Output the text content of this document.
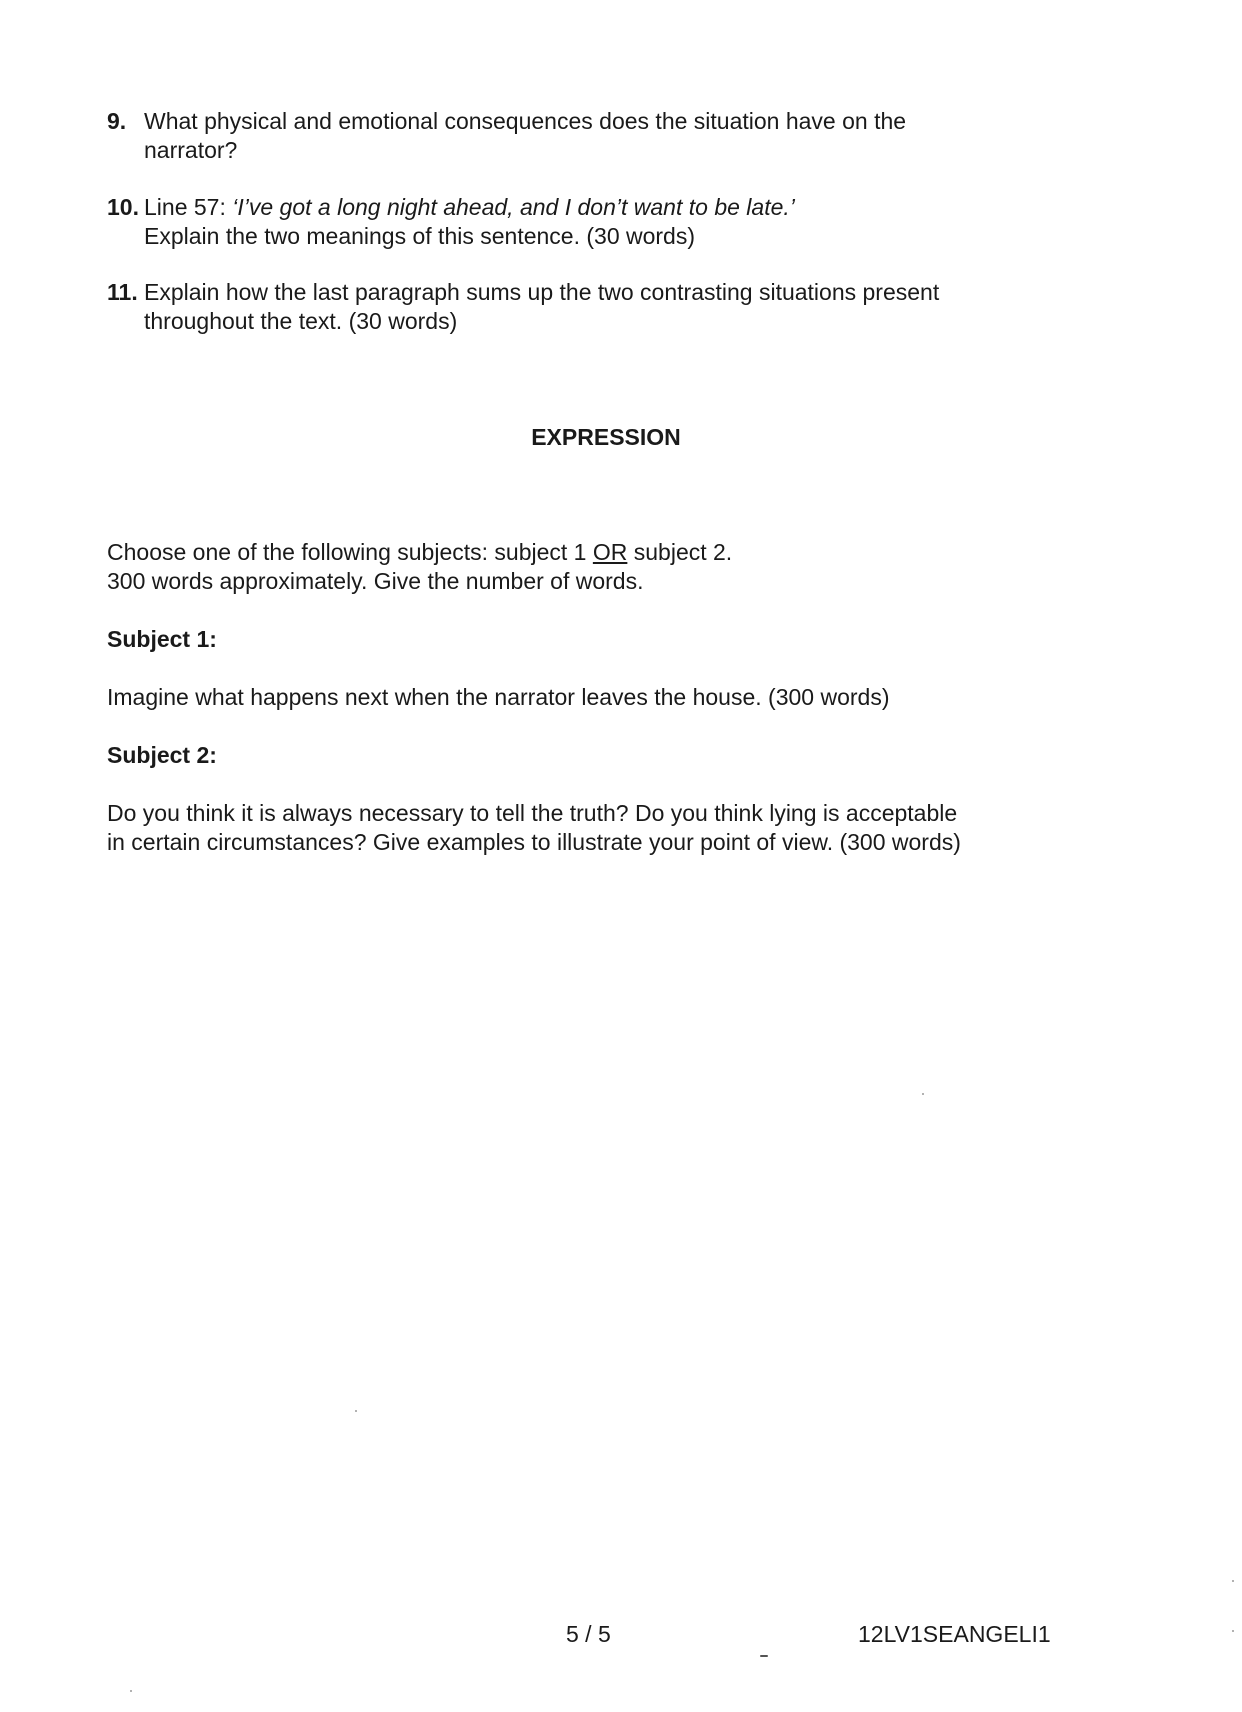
9. What physical and emotional consequences does the situation have on the
narrator?
10. Line 57: ‘I’ve got a long night ahead, and I don’t want to be late.’
Explain the two meanings of this sentence. (30 words)
11. Explain how the last paragraph sums up the two contrasting situations present
throughout the text. (30 words)
EXPRESSION
Choose one of the following subjects: subject 1 OR subject 2.
300 words approximately. Give the number of words.
Subject 1:
Imagine what happens next when the narrator leaves the house. (300 words)
Subject 2:
Do you think it is always necessary to tell the truth? Do you think lying is acceptable
in certain circumstances? Give examples to illustrate your point of view. (300 words)
5 / 5	12LV1SEANGELI1
